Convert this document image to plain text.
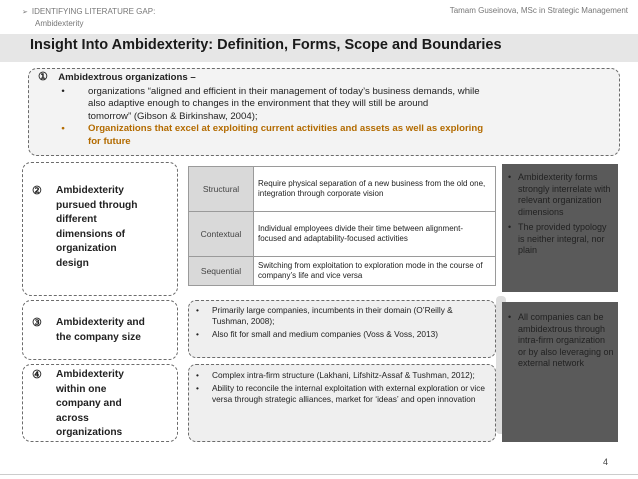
➢ IDENTIFYING LITERATURE GAP:
Ambidexterity
Tamam Guseinova, MSc in Strategic Management
Insight Into Ambidexterity: Definition, Forms, Scope and Boundaries
① Ambidextrous organizations –
•	organizations “aligned and efficient in their management of today’s business demands, while
also adaptive enough to changes in the environment that they will still be around
tomorrow” (Gibson & Birkinshaw, 2004);
•	Organizations that excel at exploiting current activities and assets as well as exploring
for future
②	Ambidexterity
pursued through
different
dimensions of
organization
design
Structural	Require physical separation of a new business from the old one, integration through corporate vision
Contextual	Individual employees divide their time between alignment-focused and adaptability-focused activities
Sequential	Switching from exploitation to exploration mode in the course of company’s life and vice versa
• Ambidexterity forms strongly interrelate with relevant organization dimensions
• The provided typology is neither integral, nor plain
③	Ambidexterity and
the company size
•	Primarily large companies, incumbents in their domain (O’Reilly & Tushman, 2008);
•	Also fit for small and medium companies (Voss & Voss, 2013)
④	Ambidexterity
within one
company and
across
organizations
•	Complex intra-firm structure (Lakhani, Lifshitz-Assaf & Tushman, 2012);
•	Ability to reconcile the internal exploitation with external exploration or vice versa through strategic alliances, market for ‘ideas’ and open innovation
• All companies can be ambidextrous through intra-firm organization or by also leveraging on external network
4
